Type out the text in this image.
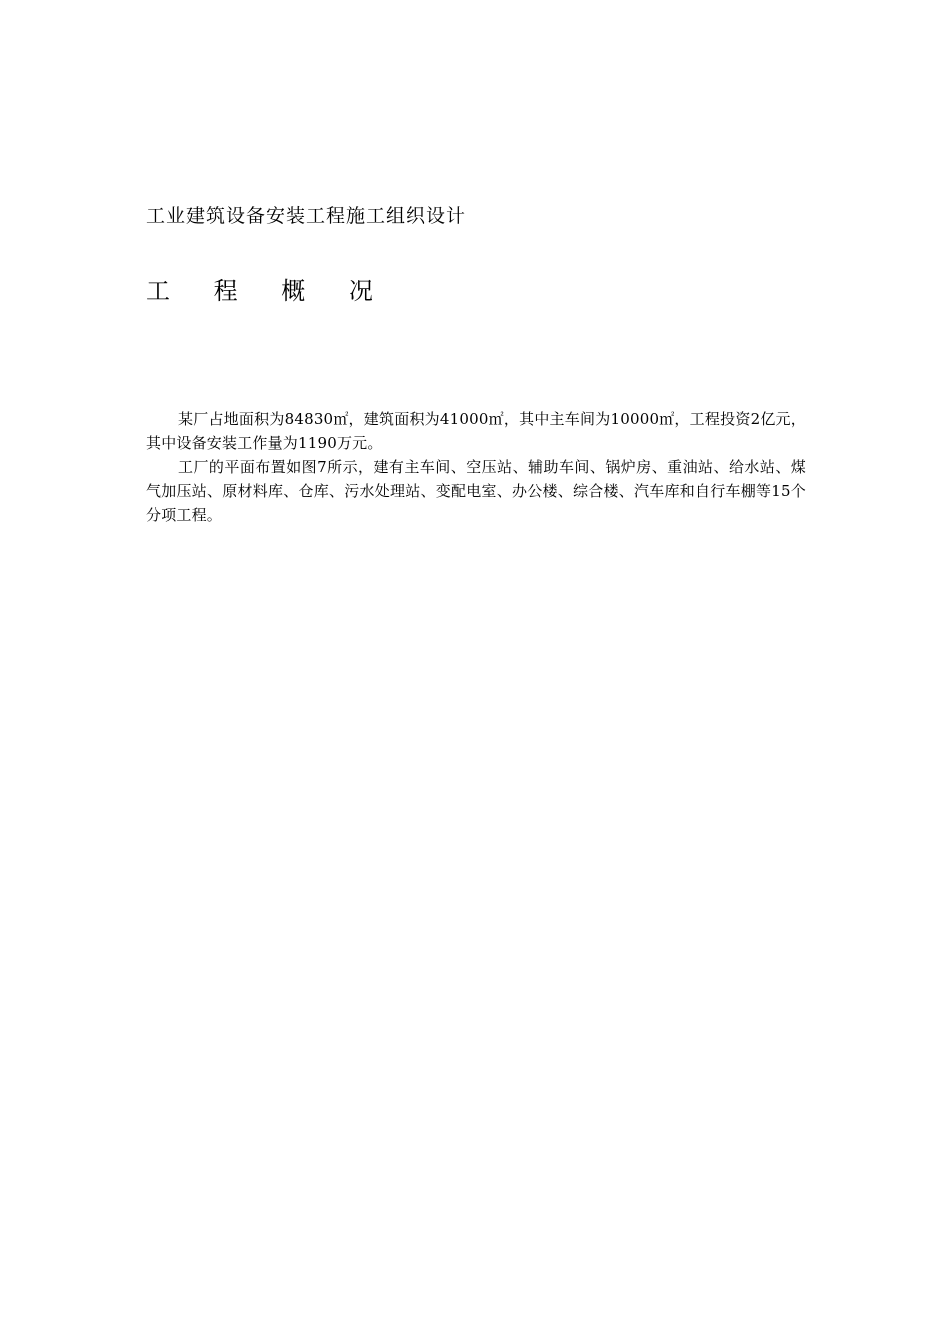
工业建筑设备安装工程施工组织设计
工 程 概 况

某厂占地面积为84830㎡，建筑面积为41000㎡，其中主车间为10000㎡，工程投资2亿元，其中设备安装工作量为1190万元。

工厂的平面布置如图7所示，建有主车间、空压站、辅助车间、锅炉房、重油站、给水站、煤气加压站、原材料库、仓库、污水处理站、变配电室、办公楼、综合楼、汽车库和自行车棚等15个分项工程。
